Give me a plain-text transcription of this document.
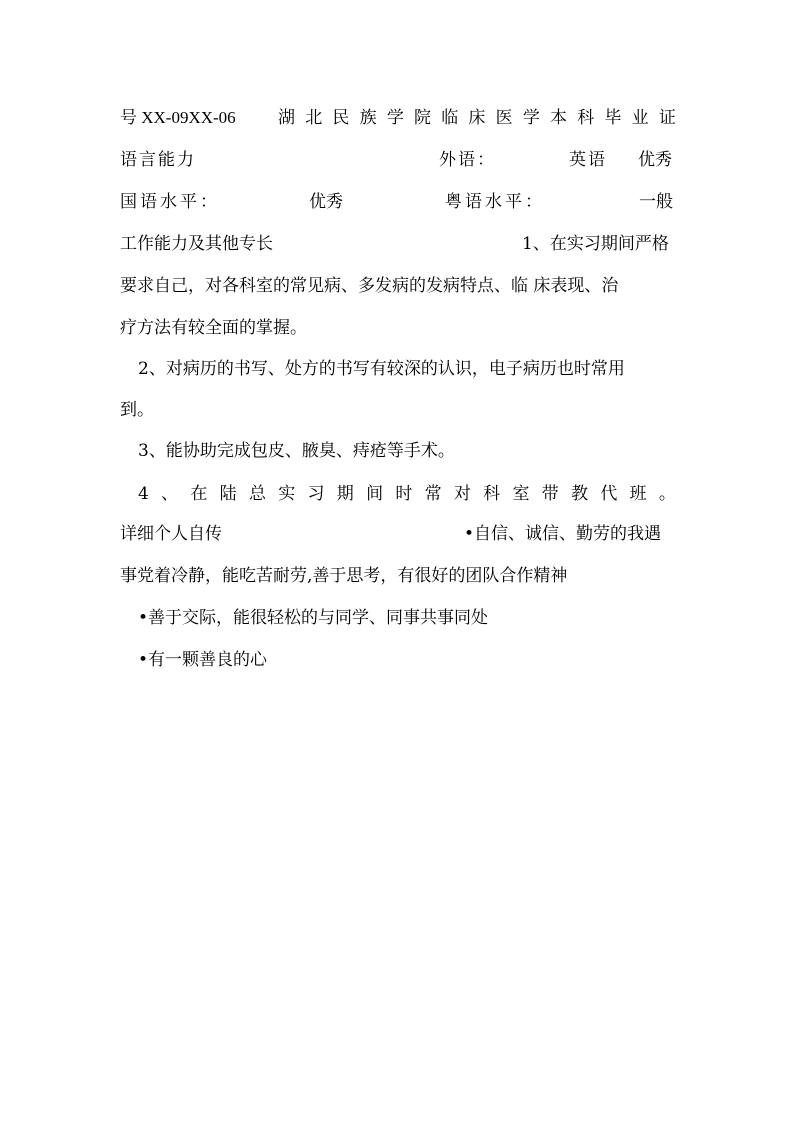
号 XX-09XX-06 湖 北 民 族 学 院 临 床 医 学 本 科 毕 业 证
语言能力	外语：	英语 优秀
国语水平：	优秀	粤语水平：	一般
工作能力及其他专长	1、在实习期间严格
要求自己，对各科室的常见病、多发病的发病特点、临 床表现、治
疗方法有较全面的掌握。
2、对病历的书写、处方的书写有较深的认识，电子病历也时常用
到。
3、能协助完成包皮、腋臭、痔疮等手术。
4 、 在 陆 总 实 习 期 间 时 常 对 科 室 带 教 代 班 。
详细个人自传	•自信、诚信、勤劳的我遇
事党着冷静，能吃苦耐劳,善于思考，有很好的团队合作精神
•善于交际，能很轻松的与同学、同事共事同处
•有一颗善良的心
